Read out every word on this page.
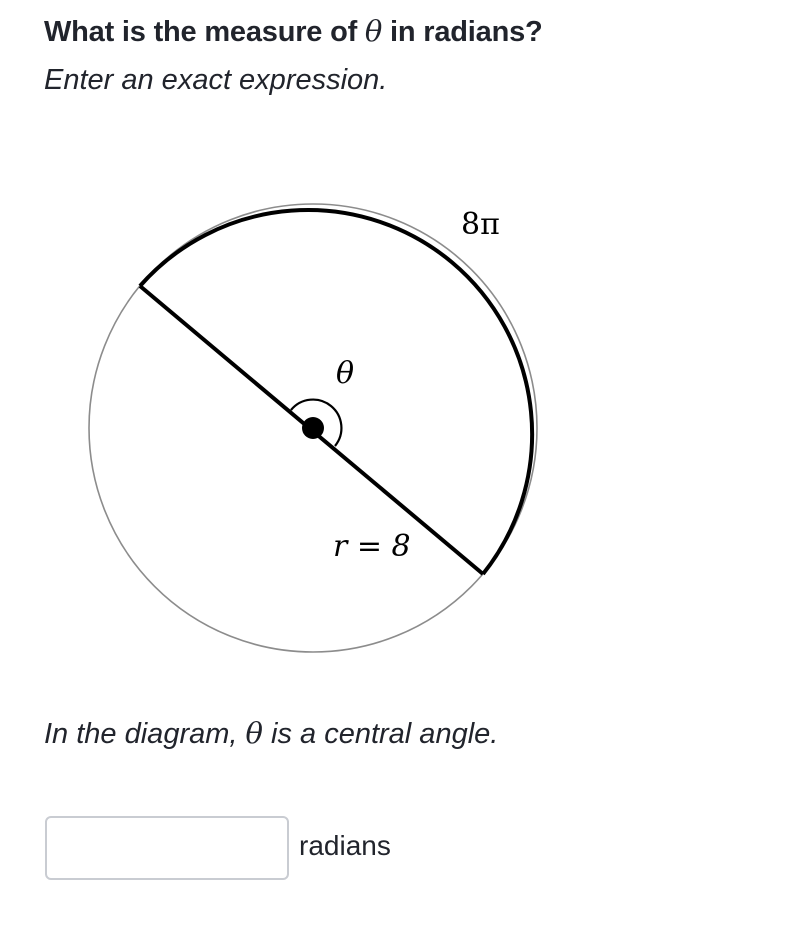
What is the measure of θ in radians?
Enter an exact expression.
8π
θ
r = 8
In the diagram, θ is a central angle.
radians
